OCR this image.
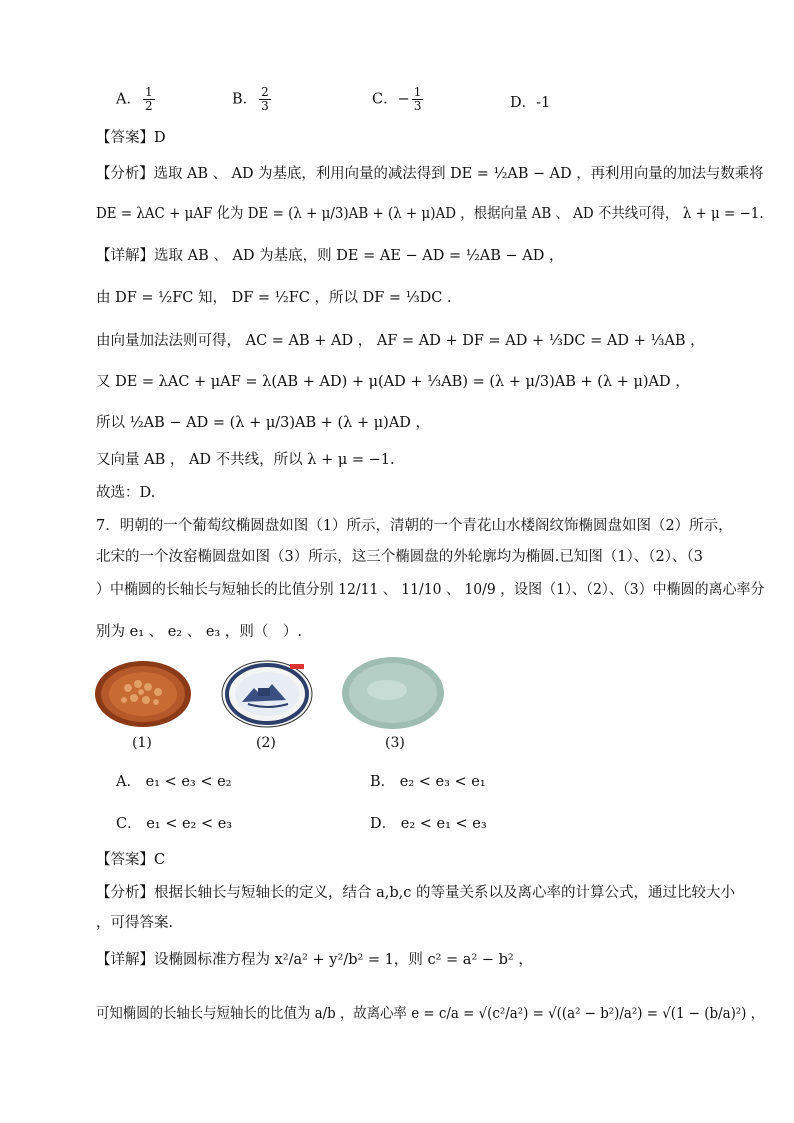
A． $\frac{1}{2}$	B． $\frac{2}{3}$	C．− $\frac{1}{3}$	D．-1
【答案】D
【分析】选取 AB 、 AD 为基底，利用向量的减法得到 DE = ½AB − AD ，再利用向量的加法与数乘将
DE = λAC + μAF 化为 DE = (λ + μ/3)AB + (λ + μ)AD ，根据向量 AB 、 AD 不共线可得， λ + μ = −1.
【详解】选取 AB 、 AD 为基底，则 DE = AE − AD = ½AB − AD ，
由 DF = ½FC 知， DF = ½FC ，所以 DF = ⅓DC .
由向量加法法则可得， AC = AB + AD ， AF = AD + DF = AD + ⅓DC = AD + ⅓AB ，
又 DE = λAC + μAF = λ(AB + AD) + μ(AD + ⅓AB) = (λ + μ/3)AB + (λ + μ)AD ，
所以 ½AB − AD = (λ + μ/3)AB + (λ + μ)AD ，
又向量 AB ， AD 不共线，所以 λ + μ = −1.
故选：D.
7．明朝的一个葡萄纹椭圆盘如图（1）所示，清朝的一个青花山水楼阁纹饰椭圆盘如图（2）所示，
北宋的一个汝窑椭圆盘如图（3）所示，这三个椭圆盘的外轮廓均为椭圆.已知图（1）、（2）、（3
）中椭圆的长轴长与短轴长的比值分别 12/11 、 11/10 、 10/9 ，设图（1）、（2）、（3）中椭圆的离心率分
别为 e₁ 、 e₂ 、 e₃ ，则（　）.
(1)	(2)	(3)
A． e₁ < e₃ < e₂	B． e₂ < e₃ < e₁
C． e₁ < e₂ < e₃	D． e₂ < e₁ < e₃
【答案】C
【分析】根据长轴长与短轴长的定义，结合 a,b,c 的等量关系以及离心率的计算公式，通过比较大小
，可得答案.
【详解】设椭圆标准方程为 x²/a² + y²/b² = 1，则 c² = a² − b² ，
可知椭圆的长轴长与短轴长的比值为 a/b ，故离心率 e = c/a = √(c²/a²) = √((a² − b²)/a²) = √(1 − (b/a)²) ，
